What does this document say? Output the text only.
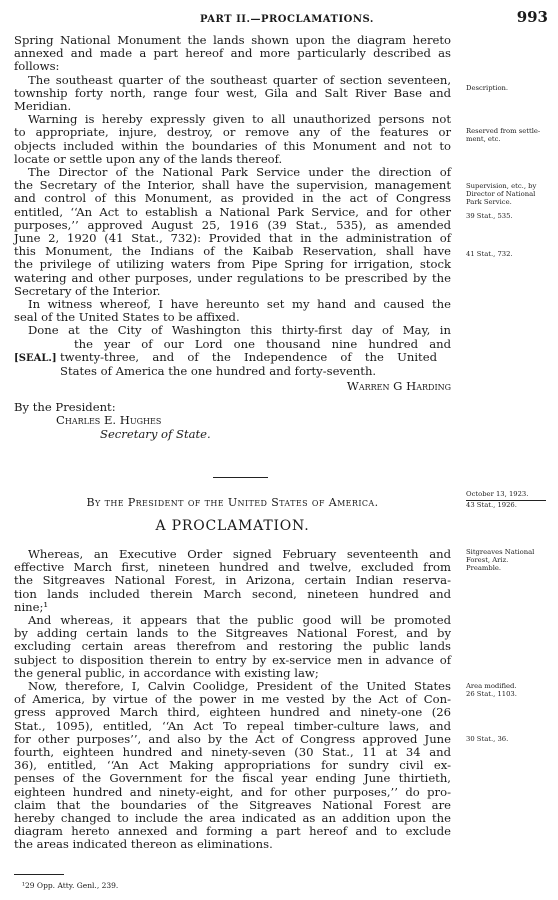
PART II.—PROCLAMATIONS.	993

Spring National Monument the lands shown upon the diagram hereto
annexed and made a part hereof and more particularly described as
follows:

The southeast quarter of the southeast quarter of section seventeen,
township forty north, range four west, Gila and Salt River Base and
Meridian.

Warning is hereby expressly given to all unauthorized persons not
to appropriate, injure, destroy, or remove any of the features or
objects included within the boundaries of this Monument and not to
locate or settle upon any of the lands thereof.

The Director of the National Park Service under the direction of
the Secretary of the Interior, shall have the supervision, management
and control of this Monument, as provided in the act of Congress
entitled, ‘‘An Act to establish a National Park Service, and for other
purposes,’’ approved August 25, 1916 (39 Stat., 535), as amended
June 2, 1920 (41 Stat., 732): Provided that in the administration of
this Monument, the Indians of the Kaibab Reservation, shall have
the privilege of utilizing waters from Pipe Spring for irrigation, stock
watering and other purposes, under regulations to be prescribed by the
Secretary of the Interior.

In witness whereof, I have hereunto set my hand and caused the
seal of the United States to be affixed.

Done at the City of Washington this thirty-first day of May, in
the year of our Lord one thousand nine hundred and
[SEAL.] twenty-three, and of the Independence of the United
States of America the one hundred and forty-seventh.

Warren G Harding
By the President:
Charles E. Hughes
Secretary of State.
By the President of the United States of America.
A PROCLAMATION.

Whereas, an Executive Order signed February seventeenth and
effective March first, nineteen hundred and twelve, excluded from
the Sitgreaves National Forest, in Arizona, certain Indian reserva-
tion lands included therein March second, nineteen hundred and
nine;¹

And whereas, it appears that the public good will be promoted
by adding certain lands to the Sitgreaves National Forest, and by
excluding certain areas therefrom and restoring the public lands
subject to disposition therein to entry by ex-service men in advance of
the general public, in accordance with existing law;

Now, therefore, I, Calvin Coolidge, President of the United States
of America, by virtue of the power in me vested by the Act of Con-
gress approved March third, eighteen hundred and ninety-one (26
Stat., 1095), entitled, ‘‘An Act To repeal timber-culture laws, and
for other purposes’’, and also by the Act of Congress approved June
fourth, eighteen hundred and ninety-seven (30 Stat., 11 at 34 and
36), entitled, ‘‘An Act Making appropriations for sundry civil ex-
penses of the Government for the fiscal year ending June thirtieth,
eighteen hundred and ninety-eight, and for other purposes,’’ do pro-
claim that the boundaries of the Sitgreaves National Forest are
hereby changed to include the area indicated as an addition upon the
diagram hereto annexed and forming a part hereof and to exclude
the areas indicated thereon as eliminations.

Description.
Reserved from settle-
ment, etc.
Supervision, etc., by
Director of National
Park Service.
39 Stat., 535.
41 Stat., 732.
October 13, 1923.
43 Stat., 1926.
Sitgreaves National
Forest, Ariz.
Preamble.
Area modified.
26 Stat., 1103.
30 Stat., 36.
¹29 Opp. Atty. Genl., 239.
